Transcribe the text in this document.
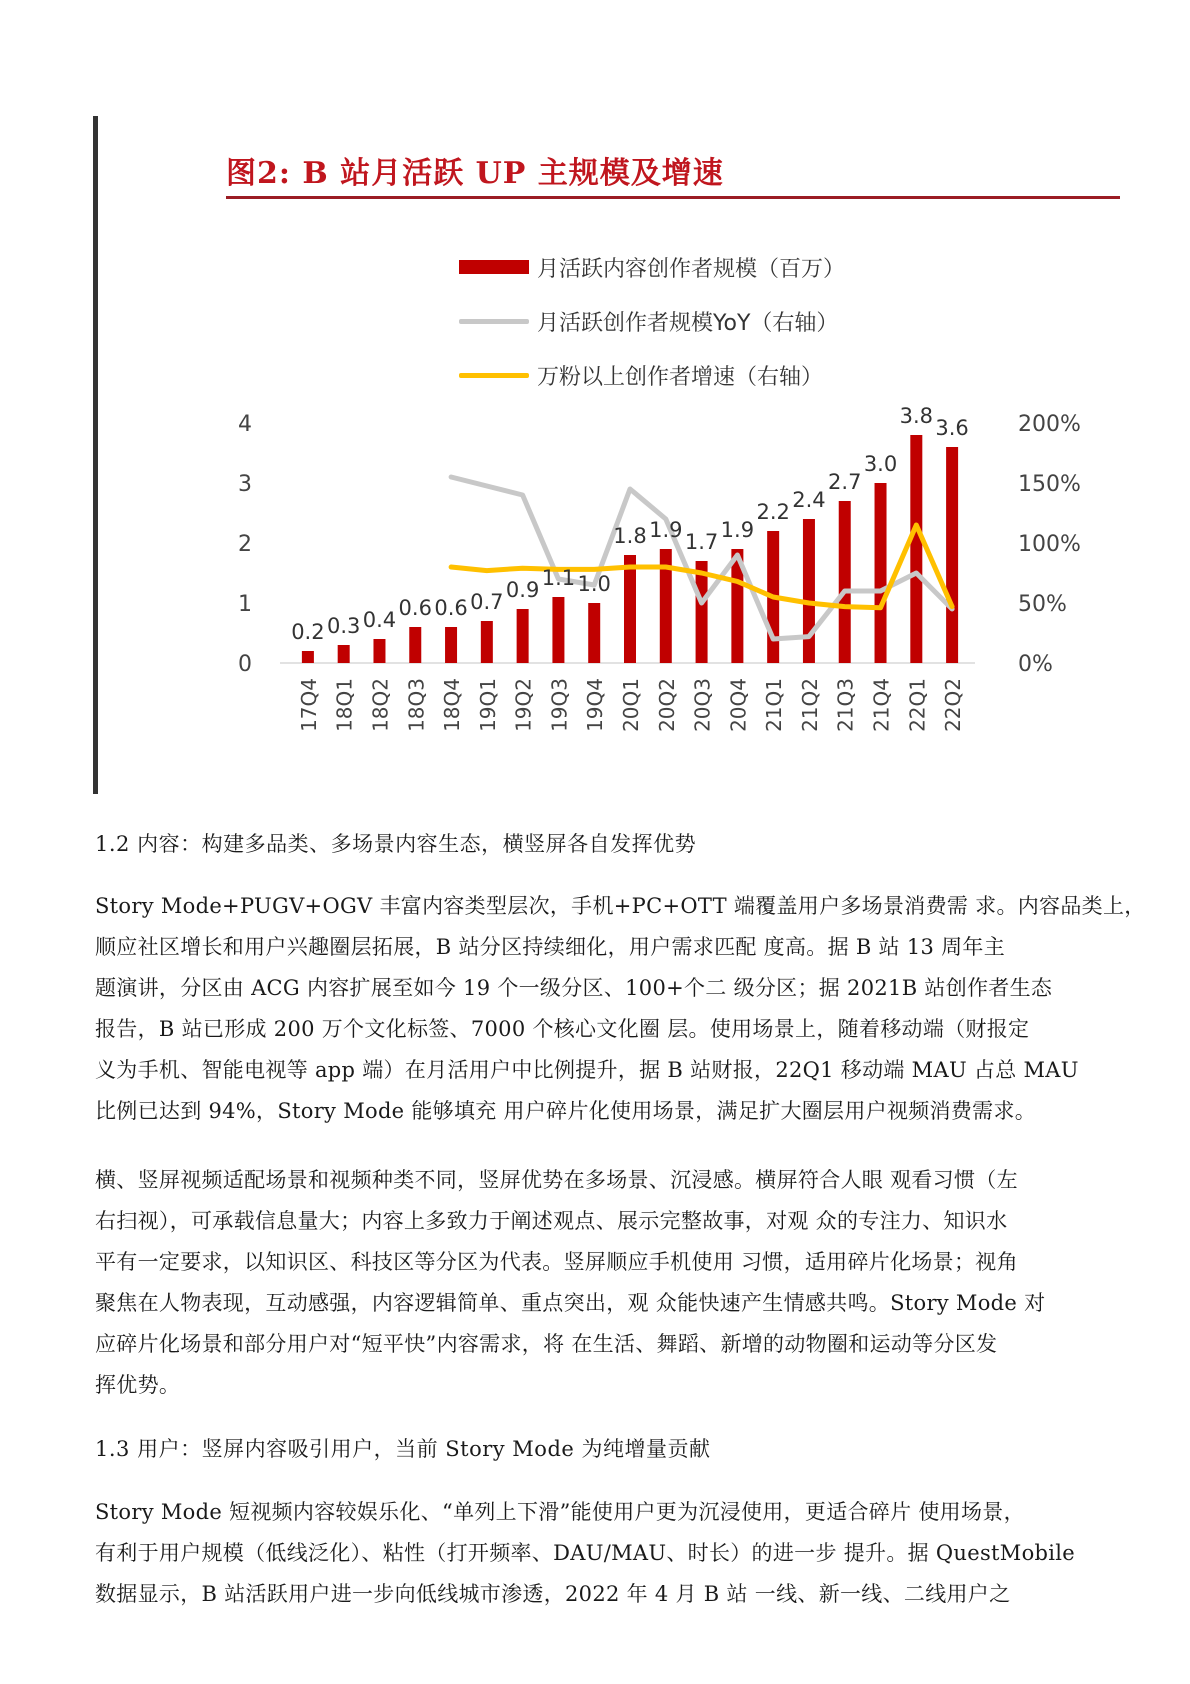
图2: B 站月活跃 UP 主规模及增速
月活跃内容创作者规模（百万）
月活跃创作者规模YoY（右轴）
万粉以上创作者增速（右轴）
0
1
2
3
4
0%
50%
100%
150%
200%
0.2 0.3 0.4 0.6 0.6 0.7 0.9 1.1 1.0
1.8 1.9 1.7 1.9
2.2 2.4
2.7
3.0
3.8 3.6
17Q4 18Q1 18Q2 18Q3 18Q4 19Q1 19Q2 19Q3 19Q4 20Q1 20Q2 20Q3 20Q4 21Q1 21Q2 21Q3 21Q4 22Q1 22Q2
1.2 内容：构建多品类、多场景内容生态，横竖屏各自发挥优势
Story Mode+PUGV+OGV 丰富内容类型层次，手机+PC+OTT 端覆盖用户多场景消费需 求。内容品类上，
顺应社区增长和用户兴趣圈层拓展，B 站分区持续细化，用户需求匹配 度高。据 B 站 13 周年主
题演讲，分区由 ACG 内容扩展至如今 19 个一级分区、100+个二 级分区；据 2021B 站创作者生态
报告，B 站已形成 200 万个文化标签、7000 个核心文化圈 层。使用场景上，随着移动端（财报定
义为手机、智能电视等 app 端）在月活用户中比例提升，据 B 站财报，22Q1 移动端 MAU 占总 MAU
比例已达到 94%，Story Mode 能够填充 用户碎片化使用场景，满足扩大圈层用户视频消费需求。
横、竖屏视频适配场景和视频种类不同，竖屏优势在多场景、沉浸感。横屏符合人眼 观看习惯（左
右扫视），可承载信息量大；内容上多致力于阐述观点、展示完整故事，对观 众的专注力、知识水
平有一定要求，以知识区、科技区等分区为代表。竖屏顺应手机使用 习惯，适用碎片化场景；视角
聚焦在人物表现，互动感强，内容逻辑简单、重点突出，观 众能快速产生情感共鸣。Story Mode 对
应碎片化场景和部分用户对“短平快”内容需求，将 在生活、舞蹈、新增的动物圈和运动等分区发
挥优势。
1.3 用户：竖屏内容吸引用户，当前 Story Mode 为纯增量贡献
Story Mode 短视频内容较娱乐化、“单列上下滑”能使用户更为沉浸使用，更适合碎片 使用场景，
有利于用户规模（低线泛化）、粘性（打开频率、DAU/MAU、时长）的进一步 提升。据 QuestMobile
数据显示，B 站活跃用户进一步向低线城市渗透，2022 年 4 月 B 站 一线、新一线、二线用户之
